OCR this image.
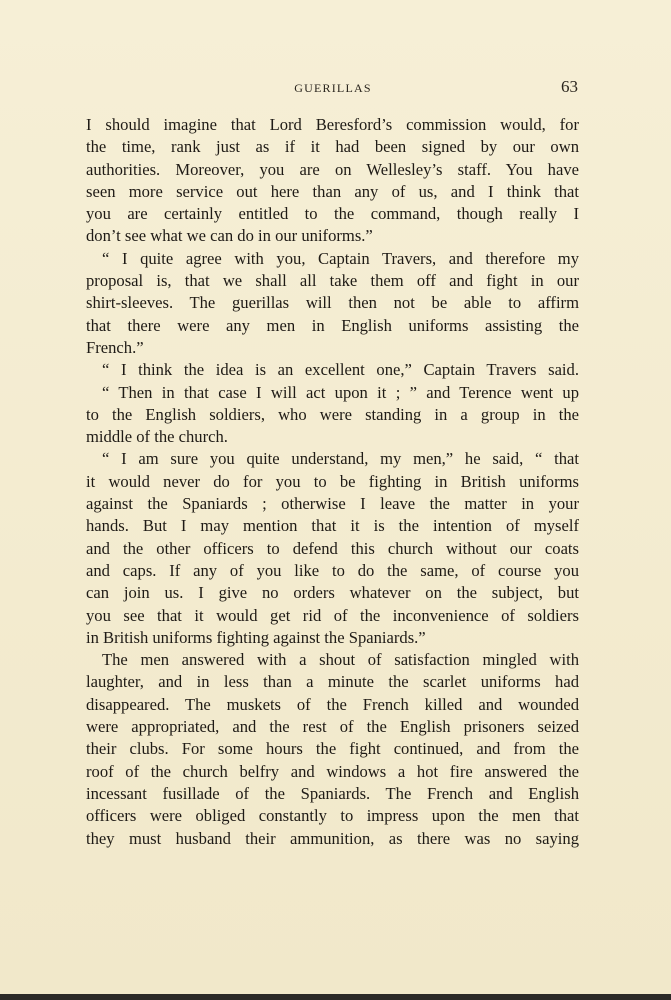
GUERILLAS	63
I should imagine that Lord Beresford’s commission would, for
the time, rank just as if it had been signed by our own
authorities. Moreover, you are on Wellesley’s staff. You have
seen more service out here than any of us, and I think that
you are certainly entitled to the command, though really I
don’t see what we can do in our uniforms.”
“ I quite agree with you, Captain Travers, and therefore my
proposal is, that we shall all take them off and fight in our
shirt-sleeves. The guerillas will then not be able to affirm
that there were any men in English uniforms assisting the
French.”
“ I think the idea is an excellent one,” Captain Travers said.
“ Then in that case I will act upon it ; ” and Terence went up
to the English soldiers, who were standing in a group in the
middle of the church.
“ I am sure you quite understand, my men,” he said, “ that
it would never do for you to be fighting in British uniforms
against the Spaniards ; otherwise I leave the matter in your
hands. But I may mention that it is the intention of myself
and the other officers to defend this church without our coats
and caps. If any of you like to do the same, of course you
can join us. I give no orders whatever on the subject, but
you see that it would get rid of the inconvenience of soldiers
in British uniforms fighting against the Spaniards.”
The men answered with a shout of satisfaction mingled with
laughter, and in less than a minute the scarlet uniforms had
disappeared. The muskets of the French killed and wounded
were appropriated, and the rest of the English prisoners seized
their clubs. For some hours the fight continued, and from the
roof of the church belfry and windows a hot fire answered the
incessant fusillade of the Spaniards. The French and English
officers were obliged constantly to impress upon the men that
they must husband their ammunition, as there was no saying
